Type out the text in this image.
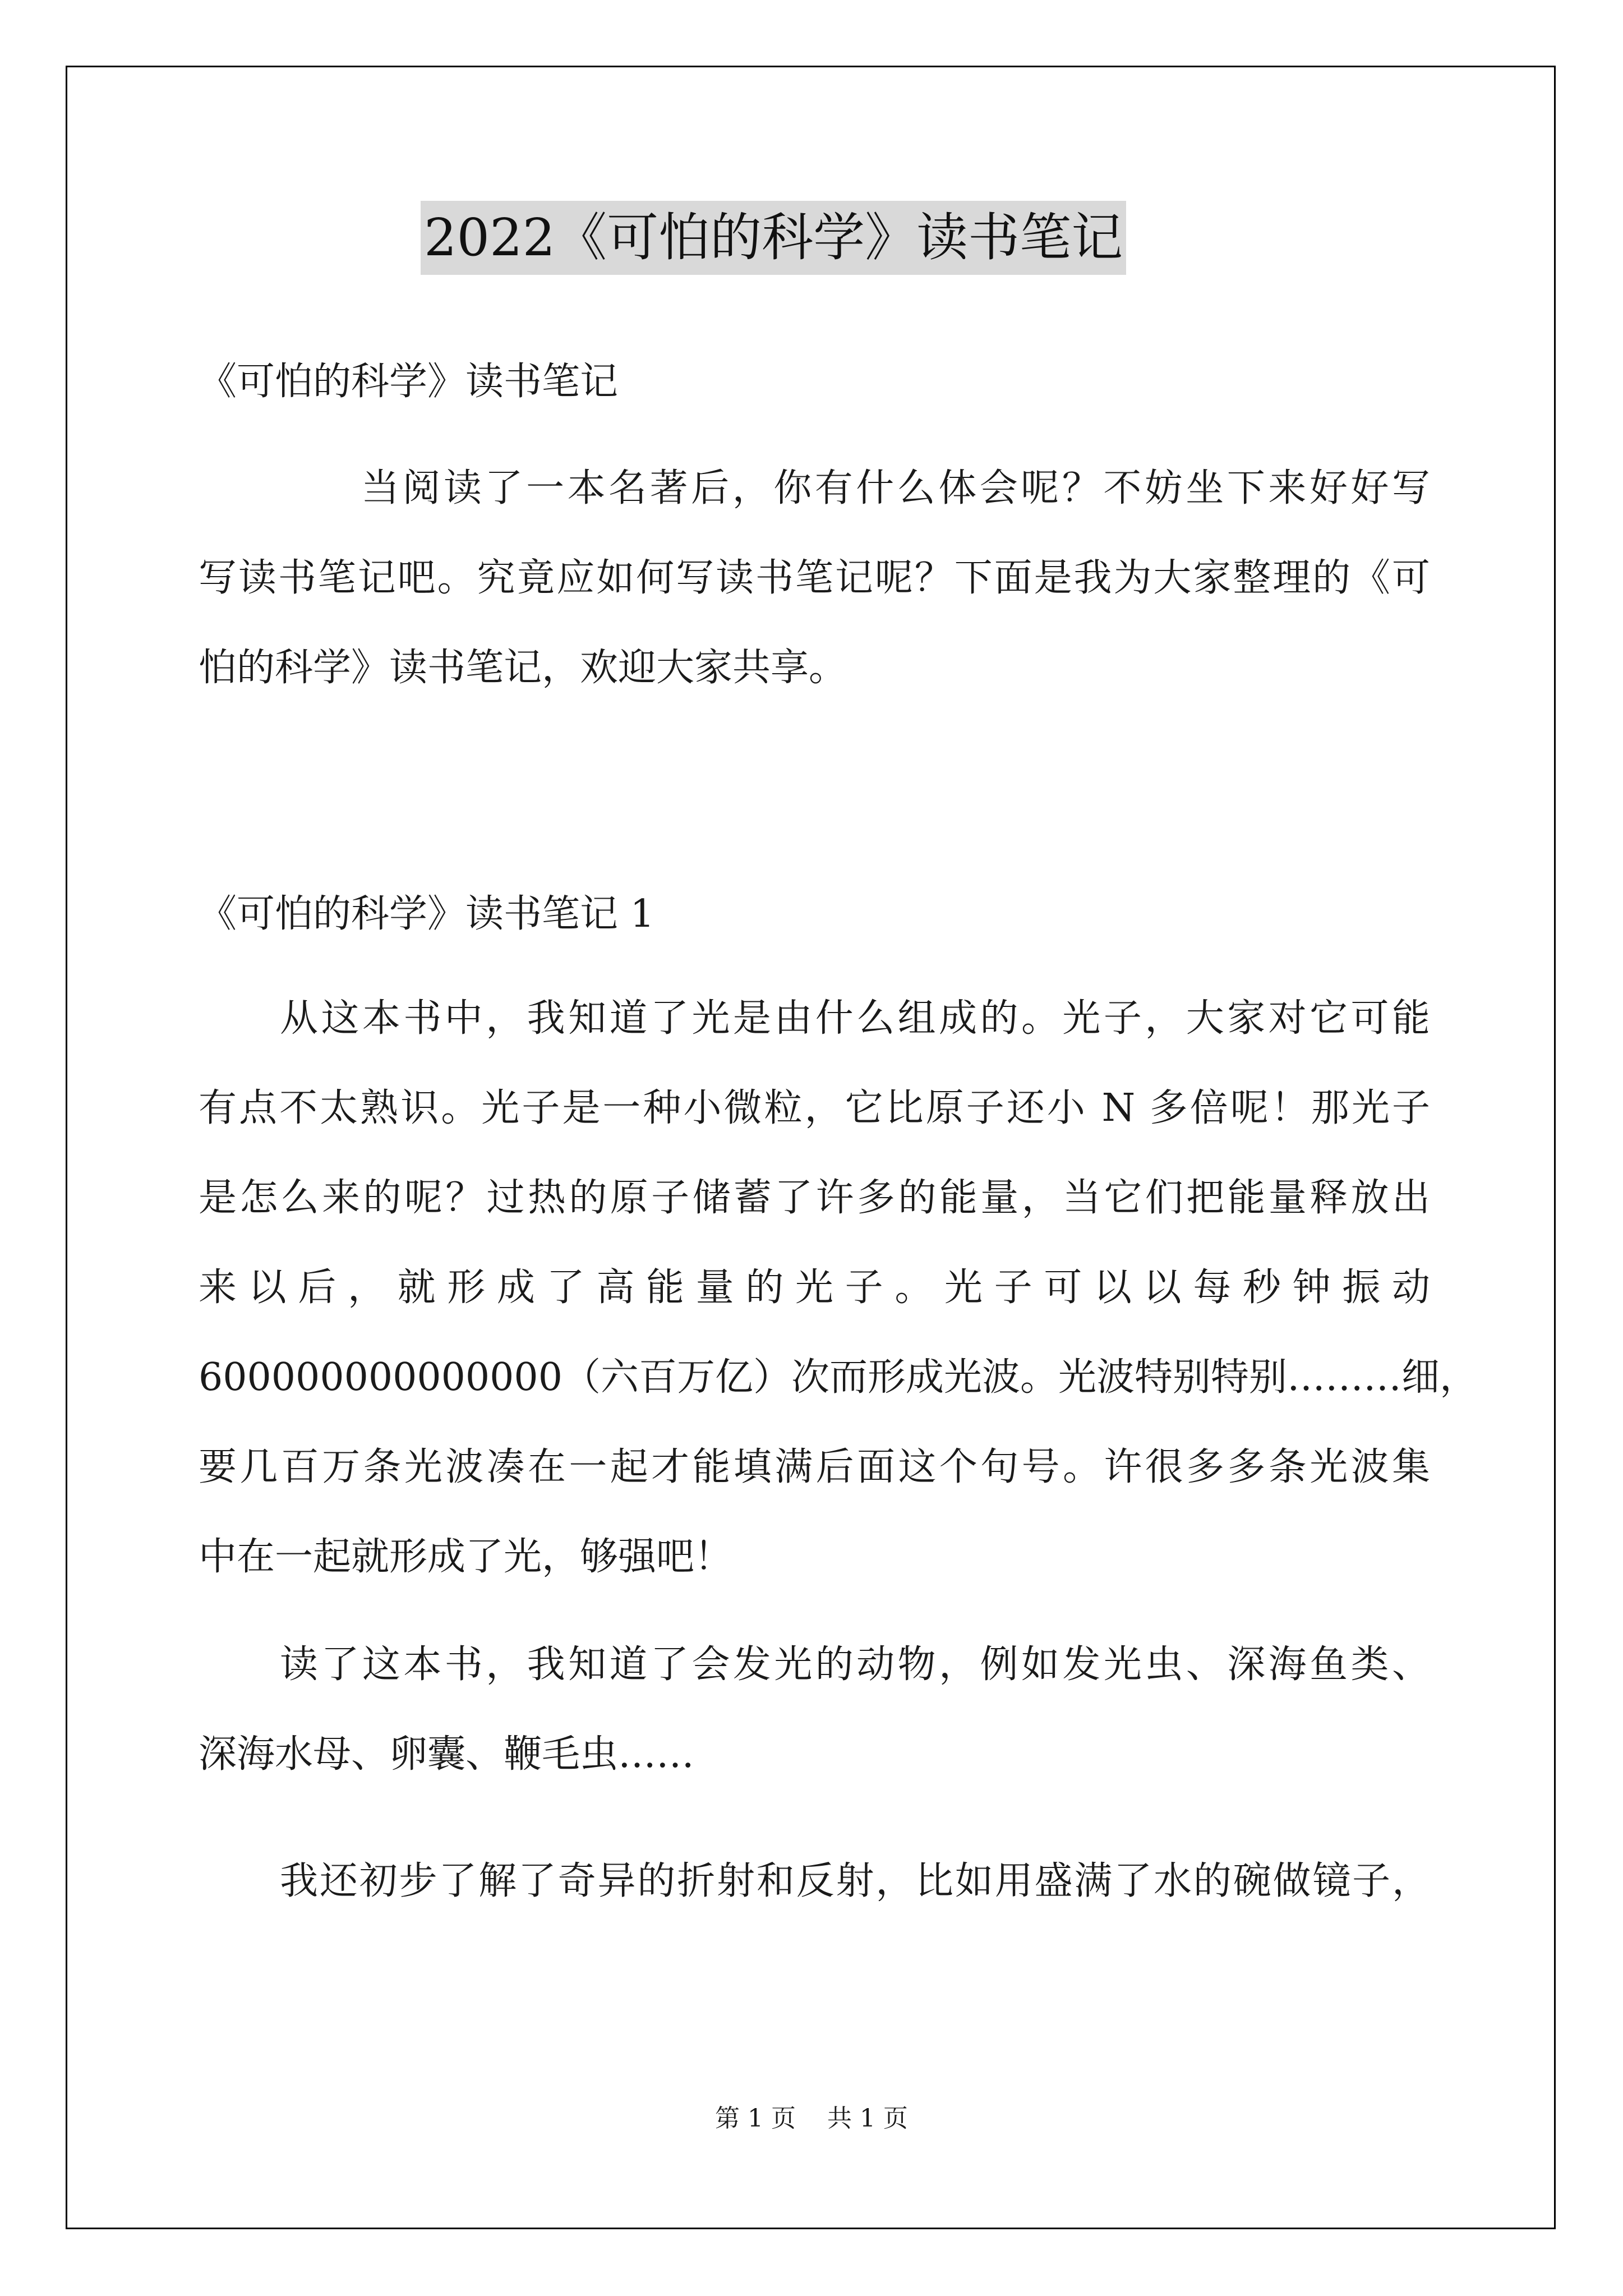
2022《可怕的科学》读书笔记
《可怕的科学》读书笔记
当阅读了一本名著后，你有什么体会呢？不妨坐下来好好写
写读书笔记吧。究竟应如何写读书笔记呢？下面是我为大家整理的《可
怕的科学》读书笔记，欢迎大家共享。
《可怕的科学》读书笔记 1
从这本书中，我知道了光是由什么组成的。光子，大家对它可能
有点不太熟识。光子是一种小微粒，它比原子还小 N 多倍呢！那光子
是怎么来的呢？过热的原子储蓄了许多的能量，当它们把能量释放出
来以后，就形成了高能量的光子。光子可以以每秒钟振动
600000000000000（六百万亿）次而形成光波。光波特别特别………细，
要几百万条光波凑在一起才能填满后面这个句号。许很多多条光波集
中在一起就形成了光，够强吧！
读了这本书，我知道了会发光的动物，例如发光虫、深海鱼类、
深海水母、卵囊、鞭毛虫……
我还初步了解了奇异的折射和反射，比如用盛满了水的碗做镜子，
第 1 页    共 1 页
